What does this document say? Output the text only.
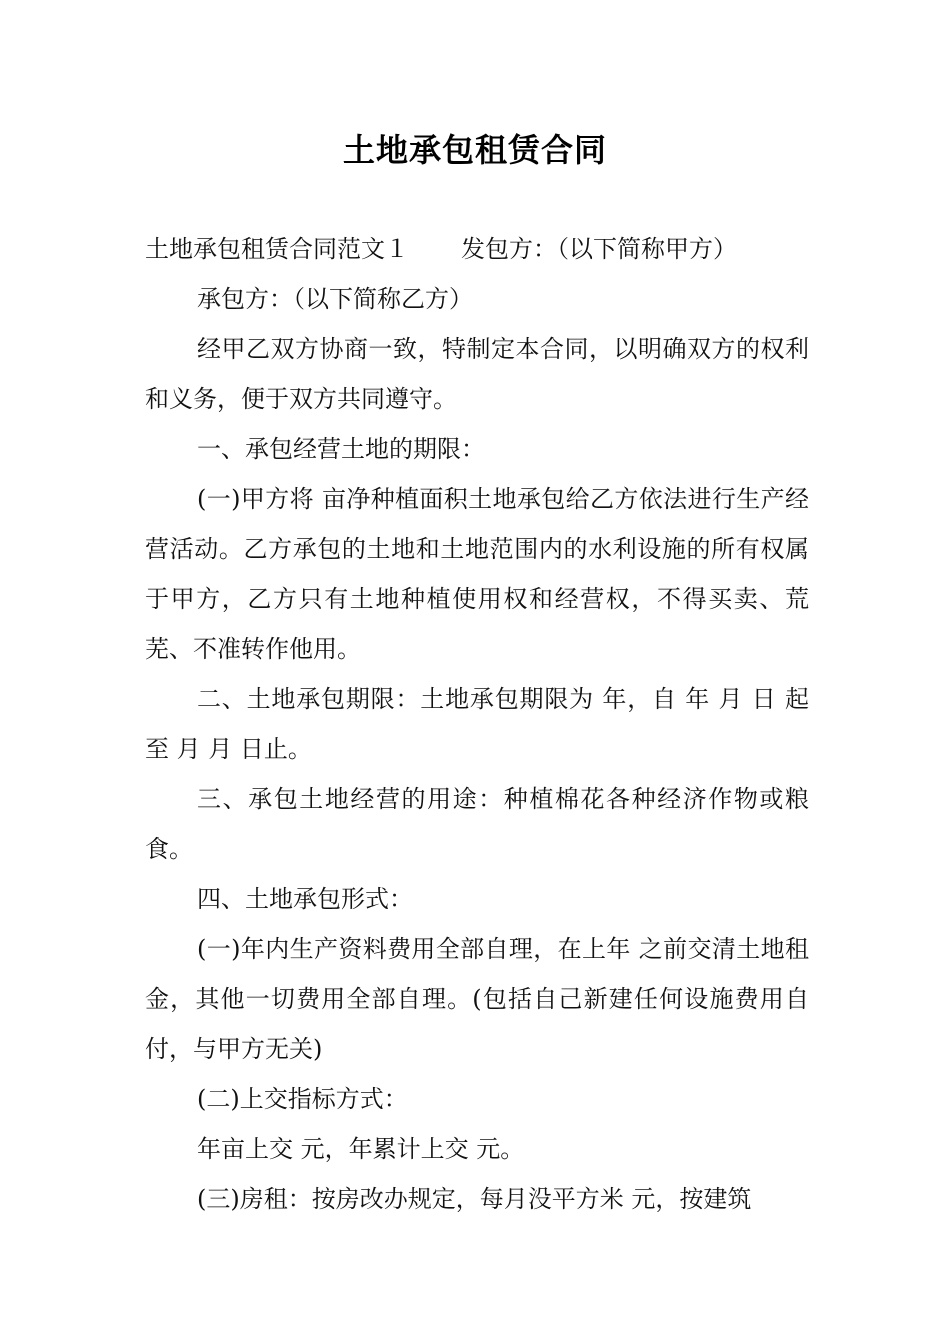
土地承包租赁合同

土地承包租赁合同范文１ 发包方：（以下简称甲方）

承包方：（以下简称乙方）

经甲乙双方协商一致，特制定本合同，以明确双方的权利和义务，便于双方共同遵守。

一、承包经营土地的期限：

(一)甲方将 亩净种植面积土地承包给乙方依法进行生产经营活动。乙方承包的土地和土地范围内的水利设施的所有权属于甲方，乙方只有土地种植使用权和经营权，不得买卖、荒芜、不准转作他用。

二、土地承包期限：土地承包期限为 年，自 年 月 日 起至 月 月 日止。

三、承包土地经营的用途：种植棉花各种经济作物或粮食。

四、土地承包形式：

(一)年内生产资料费用全部自理，在上年 之前交清土地租金，其他一切费用全部自理。(包括自己新建任何设施费用自付，与甲方无关)

(二)上交指标方式：

年亩上交 元，年累计上交 元。

(三)房租：按房改办规定，每月没平方米 元，按建筑
